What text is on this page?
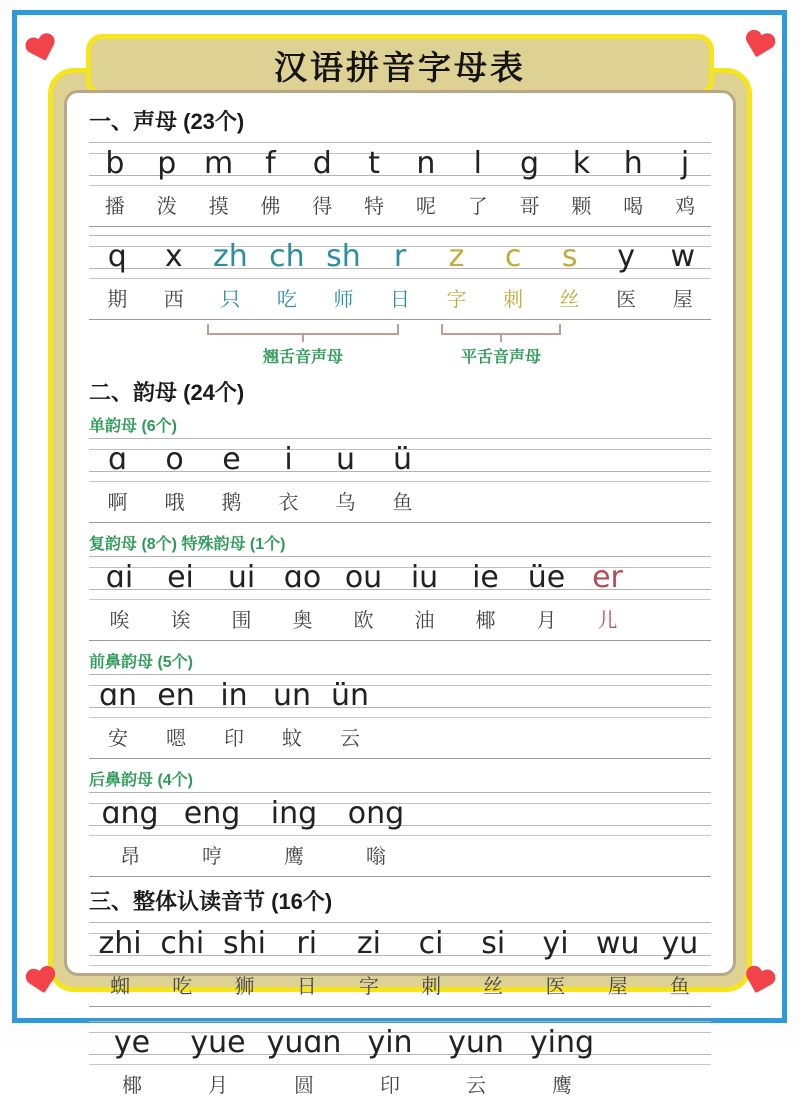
汉语拼音字母表
一、声母 (23个)
b p m f d t n l g k h j
播 泼 摸 佛 得 特 呢 了 哥 颗 喝 鸡
q x zh ch sh r z c s y w
期 西 只 吃 师 日 字 刺 丝 医 屋
翘舌音声母	平舌音声母
二、韵母 (24个)
单韵母 (6个)
ɑ o e i u ü
啊 哦 鹅 衣 乌 鱼
复韵母 (8个) 特殊韵母 (1个)
ɑi ei ui ɑo ou iu ie üe er
唉 诶 围 奥 欧 油 椰 月 儿
前鼻韵母 (5个)
ɑn en in un ün
安 嗯 印 蚊 云
后鼻韵母 (4个)
ɑng eng ing ong
昂	哼	鹰	嗡
三、整体认读音节 (16个)
zhi chi shi ri zi ci si yi wu yu
蜘 吃 狮 日 字 刺 丝 医 屋 鱼
ye yue yuɑn yin yun ying
椰	月	圆	印	云	鹰
